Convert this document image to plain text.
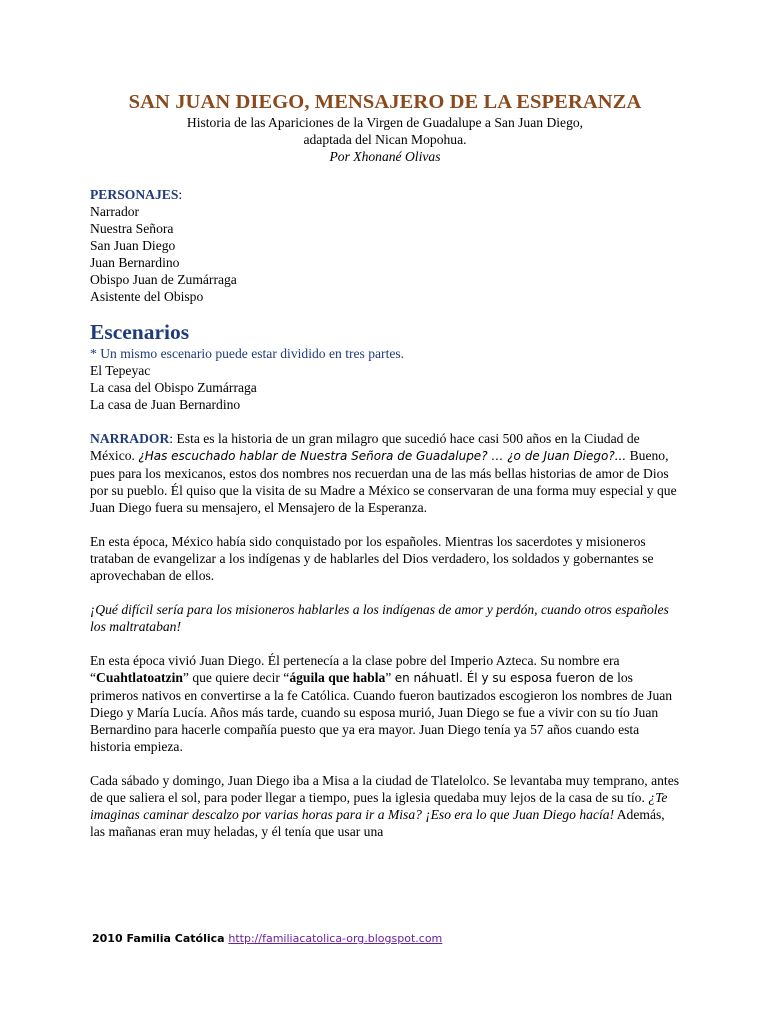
SAN JUAN DIEGO, MENSAJERO DE LA ESPERANZA

Historia de las Apariciones de la Virgen de Guadalupe a San Juan Diego,

adaptada del Nican Mopohua.

Por Xhonané Olivas

PERSONAJES:

Narrador

Nuestra Señora

San Juan Diego

Juan Bernardino

Obispo Juan de Zumárraga

Asistente del Obispo

Escenarios

* Un mismo escenario puede estar dividido en tres partes.

El Tepeyac

La casa del Obispo Zumárraga

La casa de Juan Bernardino

NARRADOR: Esta es la historia de un gran milagro que sucedió hace casi 500 años en la Ciudad de México. ¿Has escuchado hablar de Nuestra Señora de Guadalupe? … ¿o de Juan Diego?... Bueno, pues para los mexicanos, estos dos nombres nos recuerdan una de las más bellas historias de amor de Dios por su pueblo. Él quiso que la visita de su Madre a México se conservaran de una forma muy especial y que Juan Diego fuera su mensajero, el Mensajero de la Esperanza.

En esta época, México había sido conquistado por los españoles. Mientras los sacerdotes y misioneros trataban de evangelizar a los indígenas y de hablarles del Dios verdadero, los soldados y gobernantes se aprovechaban de ellos.

¡Qué difícil sería para los misioneros hablarles a los indígenas de amor y perdón, cuando otros españoles los maltrataban!

En esta época vivió Juan Diego. Él pertenecía a la clase pobre del Imperio Azteca. Su nombre era “Cuahtlatoatzin” que quiere decir “águila que habla” en náhuatl. Él y su esposa fueron de los primeros nativos en convertirse a la fe Católica. Cuando fueron bautizados escogieron los nombres de Juan Diego y María Lucía. Años más tarde, cuando su esposa murió, Juan Diego se fue a vivir con su tío Juan Bernardino para hacerle compañía puesto que ya era mayor. Juan Diego tenía ya 57 años cuando esta historia empieza.

Cada sábado y domingo, Juan Diego iba a Misa a la ciudad de Tlatelolco. Se levantaba muy temprano, antes de que saliera el sol, para poder llegar a tiempo, pues la iglesia quedaba muy lejos de la casa de su tío. ¿Te imaginas caminar descalzo por varias horas para ir a Misa? ¡Eso era lo que Juan Diego hacía! Además, las mañanas eran muy heladas, y él tenía que usar una

2010 Familia Católica http://familiacatolica-org.blogspot.com
